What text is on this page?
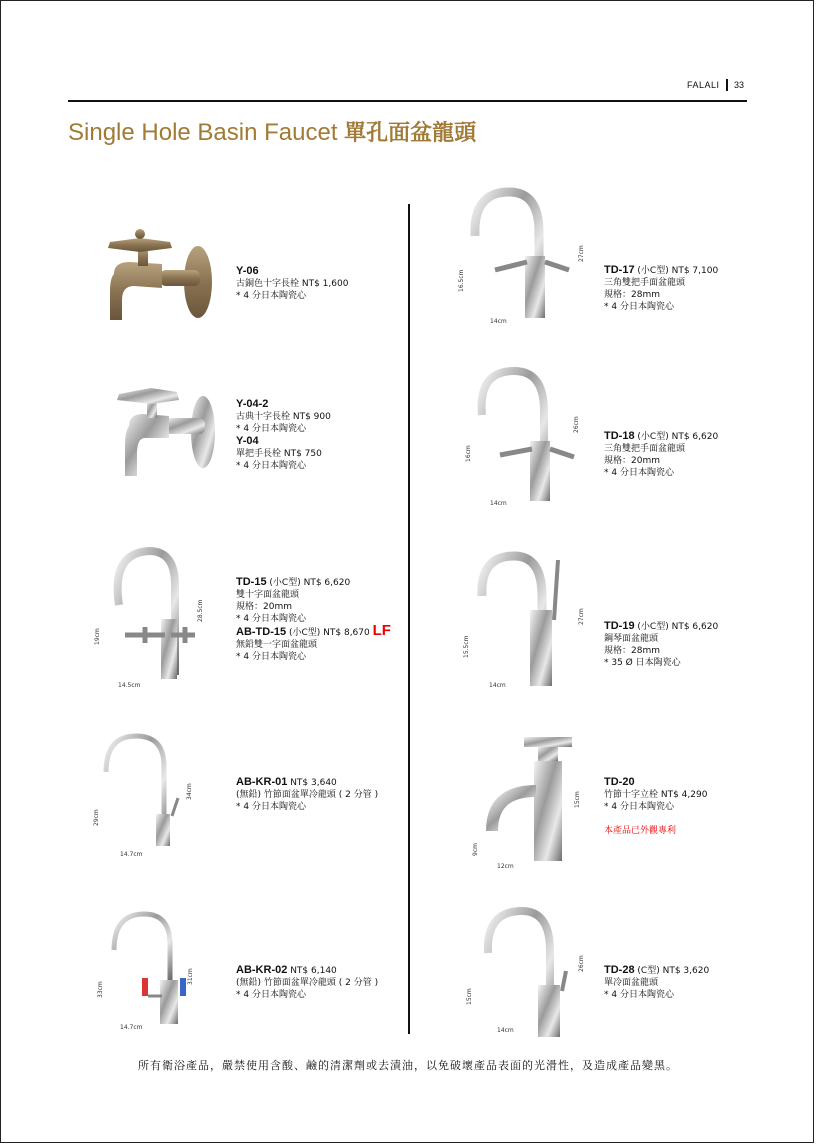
FALALI 33
Single Hole Basin Faucet 單孔面盆龍頭
14.5cm
19cm
28.5cm
14.7cm
29cm
34cm
14.7cm
33cm
31cm
14cm
16.5cm
27cm
14cm
16cm
26cm
14cm
15.5cm
27cm
12cm
9cm
15cm
14cm
15cm
26cm
Y-06
古銅色十字長栓 NT$ 1,600
* 4 分日本陶瓷心
Y-04-2
古典十字長栓 NT$ 900
* 4 分日本陶瓷心
Y-04
單把手長栓 NT$ 750
* 4 分日本陶瓷心
TD-15 (小C型) NT$ 6,620
雙十字面盆龍頭
規格：20mm
* 4 分日本陶瓷心
AB-TD-15 (小C型) NT$ 8,670 LF
無鉛雙一字面盆龍頭
* 4 分日本陶瓷心
AB-KR-01 NT$ 3,640
(無鉛) 竹節面盆單冷龍頭 ( 2 分管 )
* 4 分日本陶瓷心
AB-KR-02 NT$ 6,140
(無鉛) 竹節面盆單冷龍頭 ( 2 分管 )
* 4 分日本陶瓷心
TD-17 (小C型) NT$ 7,100
三角雙把手面盆龍頭
規格：28mm
* 4 分日本陶瓷心
TD-18 (小C型) NT$ 6,620
三角雙把手面盆龍頭
規格：20mm
* 4 分日本陶瓷心
TD-19 (小C型) NT$ 6,620
鋼琴面盆龍頭
規格：28mm
* 35 Ø 日本陶瓷心
TD-20
竹節十字立栓 NT$ 4,290
* 4 分日本陶瓷心
本產品已外觀專利
TD-28 (C型) NT$ 3,620
單冷面盆龍頭
* 4 分日本陶瓷心
所有衛浴產品，嚴禁使用含酸、鹼的清潔劑或去漬油，以免破壞產品表面的光滑性，及造成產品變黑。
